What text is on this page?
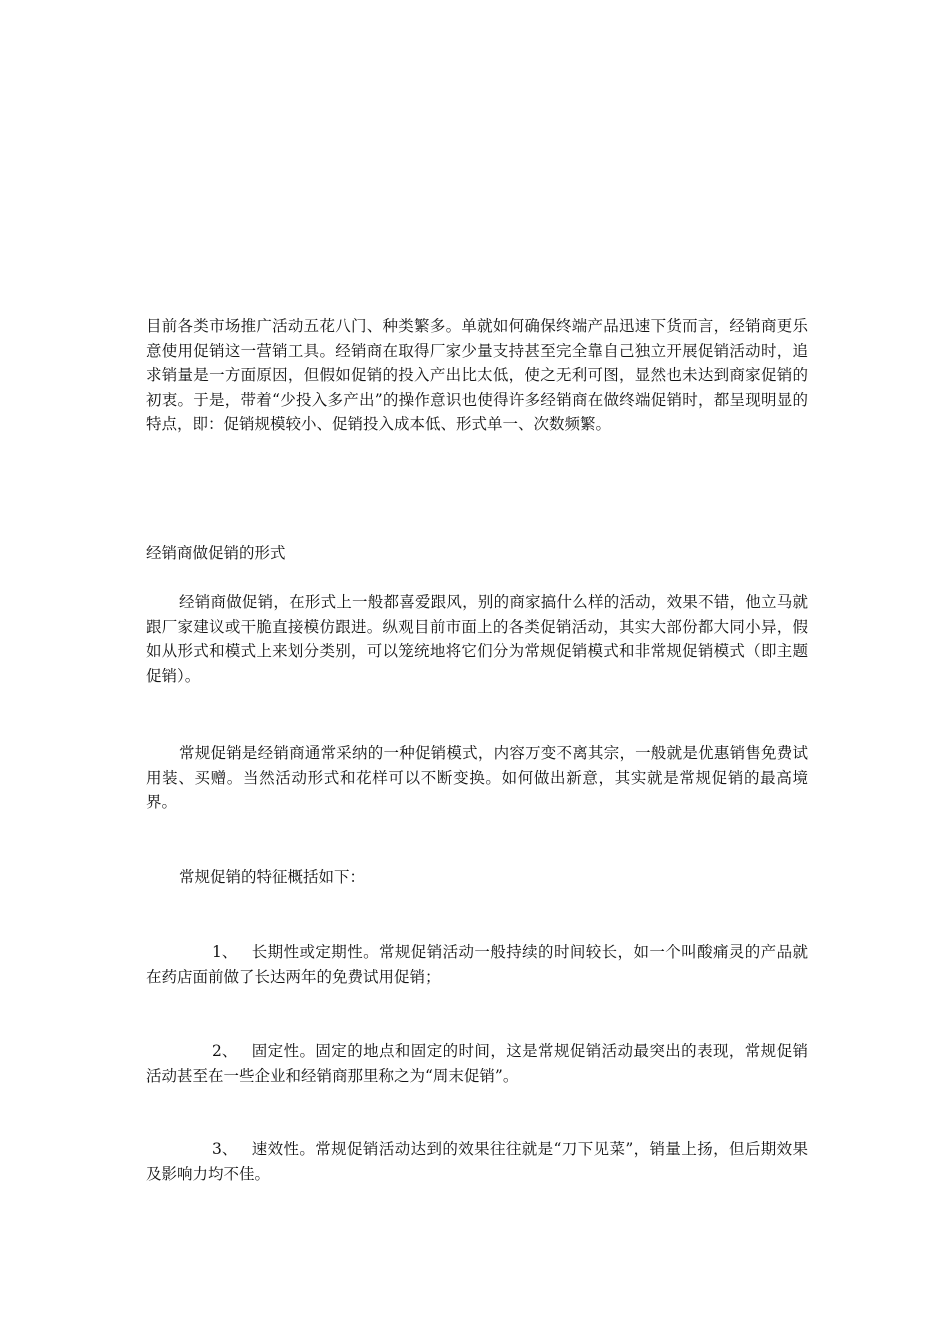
目前各类市场推广活动五花八门、种类繁多。单就如何确保终端产品迅速下货而言，经销商更乐意使用促销这一营销工具。经销商在取得厂家少量支持甚至完全靠自己独立开展促销活动时，追求销量是一方面原因，但假如促销的投入产出比太低，使之无利可图，显然也未达到商家促销的初衷。于是，带着“少投入多产出”的操作意识也使得许多经销商在做终端促销时，都呈现明显的特点，即：促销规模较小、促销投入成本低、形式单一、次数频繁。

经销商做促销的形式

经销商做促销，在形式上一般都喜爱跟风，别的商家搞什么样的活动，效果不错，他立马就跟厂家建议或干脆直接模仿跟进。纵观目前市面上的各类促销活动，其实大部份都大同小异，假如从形式和模式上来划分类别，可以笼统地将它们分为常规促销模式和非常规促销模式（即主题促销）。

常规促销是经销商通常采纳的一种促销模式，内容万变不离其宗，一般就是优惠销售免费试用装、买赠。当然活动形式和花样可以不断变换。如何做出新意，其实就是常规促销的最高境界。

常规促销的特征概括如下：

1、 长期性或定期性。常规促销活动一般持续的时间较长，如一个叫酸痛灵的产品就在药店面前做了长达两年的免费试用促销；

2、 固定性。固定的地点和固定的时间，这是常规促销活动最突出的表现，常规促销活动甚至在一些企业和经销商那里称之为“周末促销”。

3、 速效性。常规促销活动达到的效果往往就是“刀下见菜”，销量上扬，但后期效果及影响力均不佳。
